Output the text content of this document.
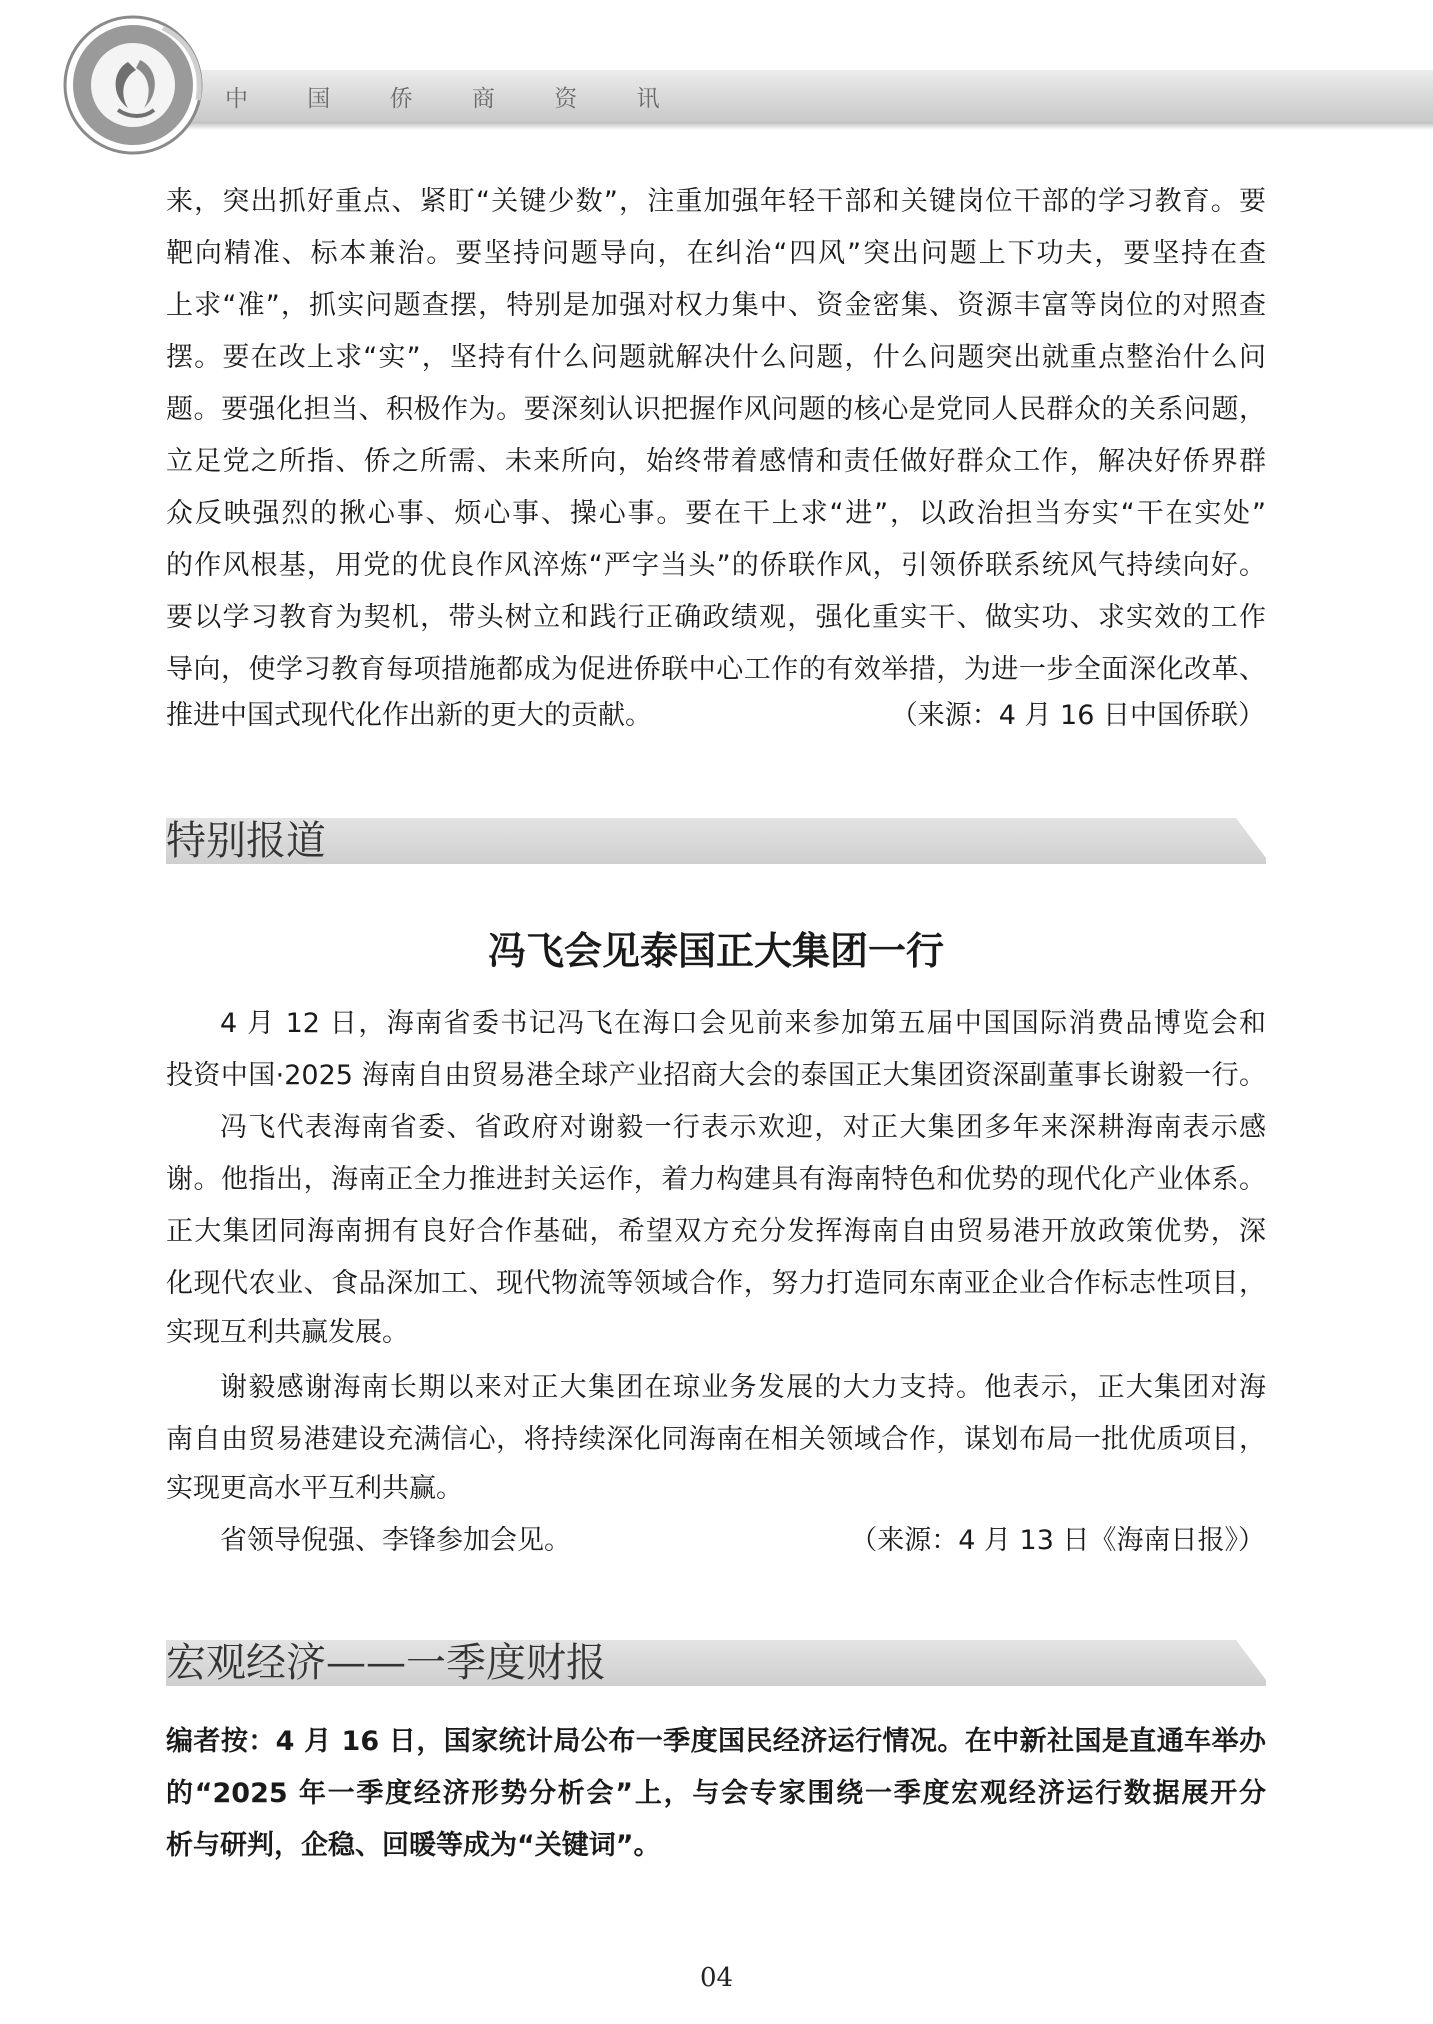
中 国 侨 商 资 讯
来，突出抓好重点、紧盯“关键少数”，注重加强年轻干部和关键岗位干部的学习教育。要
靶向精准、标本兼治。要坚持问题导向，在纠治“四风”突出问题上下功夫，要坚持在查
上求“准”，抓实问题查摆，特别是加强对权力集中、资金密集、资源丰富等岗位的对照查
摆。要在改上求“实”，坚持有什么问题就解决什么问题，什么问题突出就重点整治什么问
题。要强化担当、积极作为。要深刻认识把握作风问题的核心是党同人民群众的关系问题，
立足党之所指、侨之所需、未来所向，始终带着感情和责任做好群众工作，解决好侨界群
众反映强烈的揪心事、烦心事、操心事。要在干上求“进”，以政治担当夯实“干在实处”
的作风根基，用党的优良作风淬炼“严字当头”的侨联作风，引领侨联系统风气持续向好。
要以学习教育为契机，带头树立和践行正确政绩观，强化重实干、做实功、求实效的工作
导向，使学习教育每项措施都成为促进侨联中心工作的有效举措，为进一步全面深化改革、
推进中国式现代化作出新的更大的贡献。	（来源：4 月 16 日中国侨联）
特别报道
冯飞会见泰国正大集团一行
4 月 12 日，海南省委书记冯飞在海口会见前来参加第五届中国国际消费品博览会和
投资中国·2025 海南自由贸易港全球产业招商大会的泰国正大集团资深副董事长谢毅一行。
冯飞代表海南省委、省政府对谢毅一行表示欢迎，对正大集团多年来深耕海南表示感
谢。他指出，海南正全力推进封关运作，着力构建具有海南特色和优势的现代化产业体系。
正大集团同海南拥有良好合作基础，希望双方充分发挥海南自由贸易港开放政策优势，深
化现代农业、食品深加工、现代物流等领域合作，努力打造同东南亚企业合作标志性项目，
实现互利共赢发展。
谢毅感谢海南长期以来对正大集团在琼业务发展的大力支持。他表示，正大集团对海
南自由贸易港建设充满信心，将持续深化同海南在相关领域合作，谋划布局一批优质项目，
实现更高水平互利共赢。
省领导倪强、李锋参加会见。	（来源：4 月 13 日《海南日报》）
宏观经济——一季度财报
编者按：4 月 16 日，国家统计局公布一季度国民经济运行情况。在中新社国是直通车举办
的“2025 年一季度经济形势分析会”上，与会专家围绕一季度宏观经济运行数据展开分
析与研判，企稳、回暖等成为“关键词”。
04
